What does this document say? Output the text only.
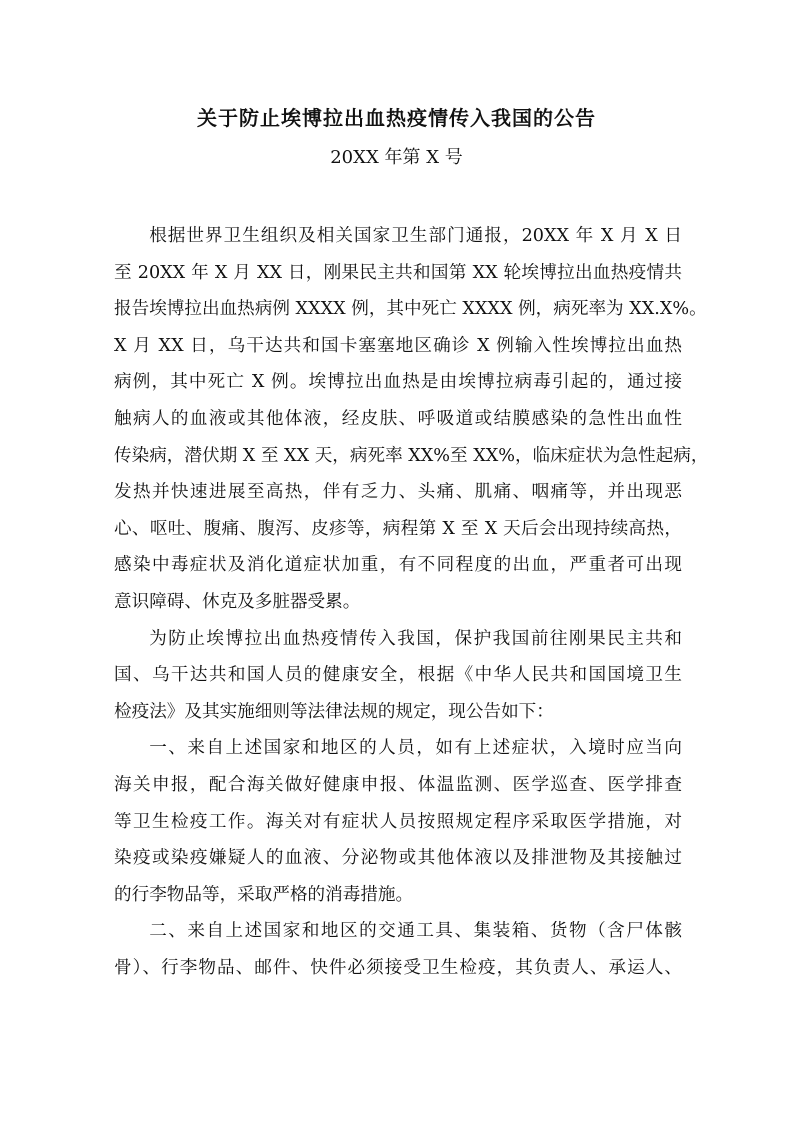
关于防止埃博拉出血热疫情传入我国的公告
20XX 年第 X 号
根据世界卫生组织及相关国家卫生部门通报，20XX 年 X 月 X 日
至 20XX 年 X 月 XX 日，刚果民主共和国第 XX 轮埃博拉出血热疫情共
报告埃博拉出血热病例 XXXX 例，其中死亡 XXXX 例，病死率为 XX.X%。
X 月 XX 日，乌干达共和国卡塞塞地区确诊 X 例输入性埃博拉出血热
病例，其中死亡 X 例。埃博拉出血热是由埃博拉病毒引起的，通过接
触病人的血液或其他体液，经皮肤、呼吸道或结膜感染的急性出血性
传染病，潜伏期 X 至 XX 天，病死率 XX%至 XX%，临床症状为急性起病，
发热并快速进展至高热，伴有乏力、头痛、肌痛、咽痛等，并出现恶
心、呕吐、腹痛、腹泻、皮疹等，病程第 X 至 X 天后会出现持续高热，
感染中毒症状及消化道症状加重，有不同程度的出血，严重者可出现
意识障碍、休克及多脏器受累。
为防止埃博拉出血热疫情传入我国，保护我国前往刚果民主共和
国、乌干达共和国人员的健康安全，根据《中华人民共和国国境卫生
检疫法》及其实施细则等法律法规的规定，现公告如下：
一、来自上述国家和地区的人员，如有上述症状，入境时应当向
海关申报，配合海关做好健康申报、体温监测、医学巡查、医学排查
等卫生检疫工作。海关对有症状人员按照规定程序采取医学措施，对
染疫或染疫嫌疑人的血液、分泌物或其他体液以及排泄物及其接触过
的行李物品等，采取严格的消毒措施。
二、来自上述国家和地区的交通工具、集装箱、货物（含尸体骸
骨）、行李物品、邮件、快件必须接受卫生检疫，其负责人、承运人、
